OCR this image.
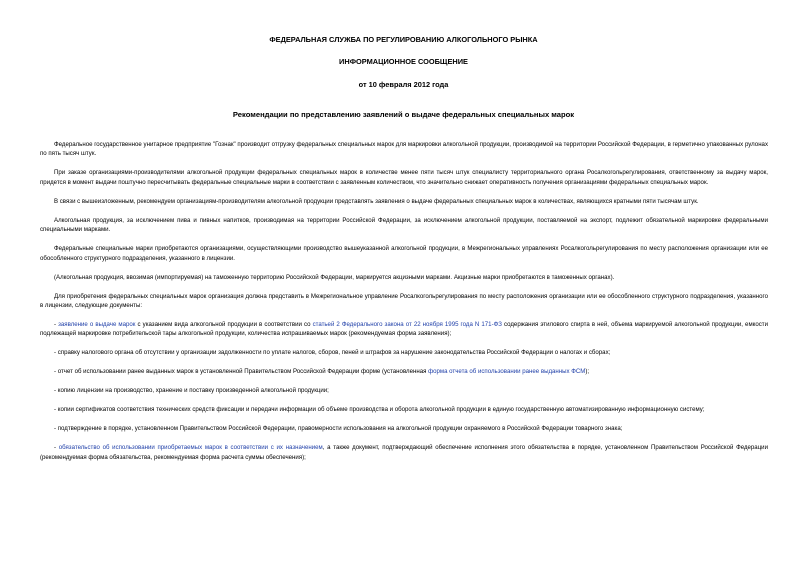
ФЕДЕРАЛЬНАЯ СЛУЖБА ПО РЕГУЛИРОВАНИЮ АЛКОГОЛЬНОГО РЫНКА
ИНФОРМАЦИОННОЕ СООБЩЕНИЕ
от 10 февраля 2012 года
Рекомендации по представлению заявлений о выдаче федеральных специальных марок

Федеральное государственное унитарное предприятие "Гознак" производит отгрузку федеральных специальных марок для маркировки алкогольной продукции, производимой на территории Российской Федерации, в герметично упакованных рулонах по пять тысяч штук.

При заказе организациями-производителями алкогольной продукции федеральных специальных марок в количестве менее пяти тысяч штук специалисту территориального органа Росалкогольрегулирования, ответственному за выдачу марок, придется в момент выдачи поштучно пересчитывать федеральные специальные марки в соответствии с заявленным количеством, что значительно снижает оперативность получения организациями федеральных специальных марок.

В связи с вышеизложенным, рекомендуем организациям-производителям алкогольной продукции представлять заявления о выдаче федеральных специальных марок в количествах, являющихся кратными пяти тысячам штук.

Алкогольная продукция, за исключением пива и пивных напитков, производимая на территории Российской Федерации, за исключением алкогольной продукции, поставляемой на экспорт, подлежит обязательной маркировке федеральными специальными марками.

Федеральные специальные марки приобретаются организациями, осуществляющими производство вышеуказанной алкогольной продукции, в Межрегиональных управлениях Росалкогольрегулирования по месту расположения организации или ее обособленного структурного подразделения, указанного в лицензии.

(Алкогольная продукция, ввозимая (импортируемая) на таможенную территорию Российской Федерации, маркируется акцизными марками. Акцизные марки приобретаются в таможенных органах).

Для приобретения федеральных специальных марок организация должна представить в Межрегиональное управление Росалкогольрегулирования по месту расположения организации или ее обособленного структурного подразделения, указанного в лицензии, следующие документы:

- заявление о выдаче марок с указанием вида алкогольной продукции в соответствии со статьей 2 Федерального закона от 22 ноября 1995 года N 171-ФЗ содержания этилового спирта в ней, объема маркируемой алкогольной продукции, емкости подлежащей маркировке потребительской тары алкогольной продукции, количества испрашиваемых марок (рекомендуемая форма заявления);

- справку налогового органа об отсутствии у организации задолженности по уплате налогов, сборов, пеней и штрафов за нарушение законодательства Российской Федерации о налогах и сборах;

- отчет об использовании ранее выданных марок в установленной Правительством Российской Федерации форме (установленная форма отчета об использовании ранее выданных ФСМ);

- копию лицензии на производство, хранение и поставку произведенной алкогольной продукции;

- копии сертификатов соответствия технических средств фиксации и передачи информации об объеме производства и оборота алкогольной продукции в единую государственную автоматизированную информационную систему;

- подтверждение в порядке, установленном Правительством Российской Федерации, правомерности использования на алкогольной продукции охраняемого в Российской Федерации товарного знака;

- обязательство об использовании приобретаемых марок в соответствии с их назначением, а также документ, подтверждающий обеспечение исполнения этого обязательства в порядке, установленном Правительством Российской Федерации (рекомендуемая форма обязательства, рекомендуемая форма расчета суммы обеспечения);
